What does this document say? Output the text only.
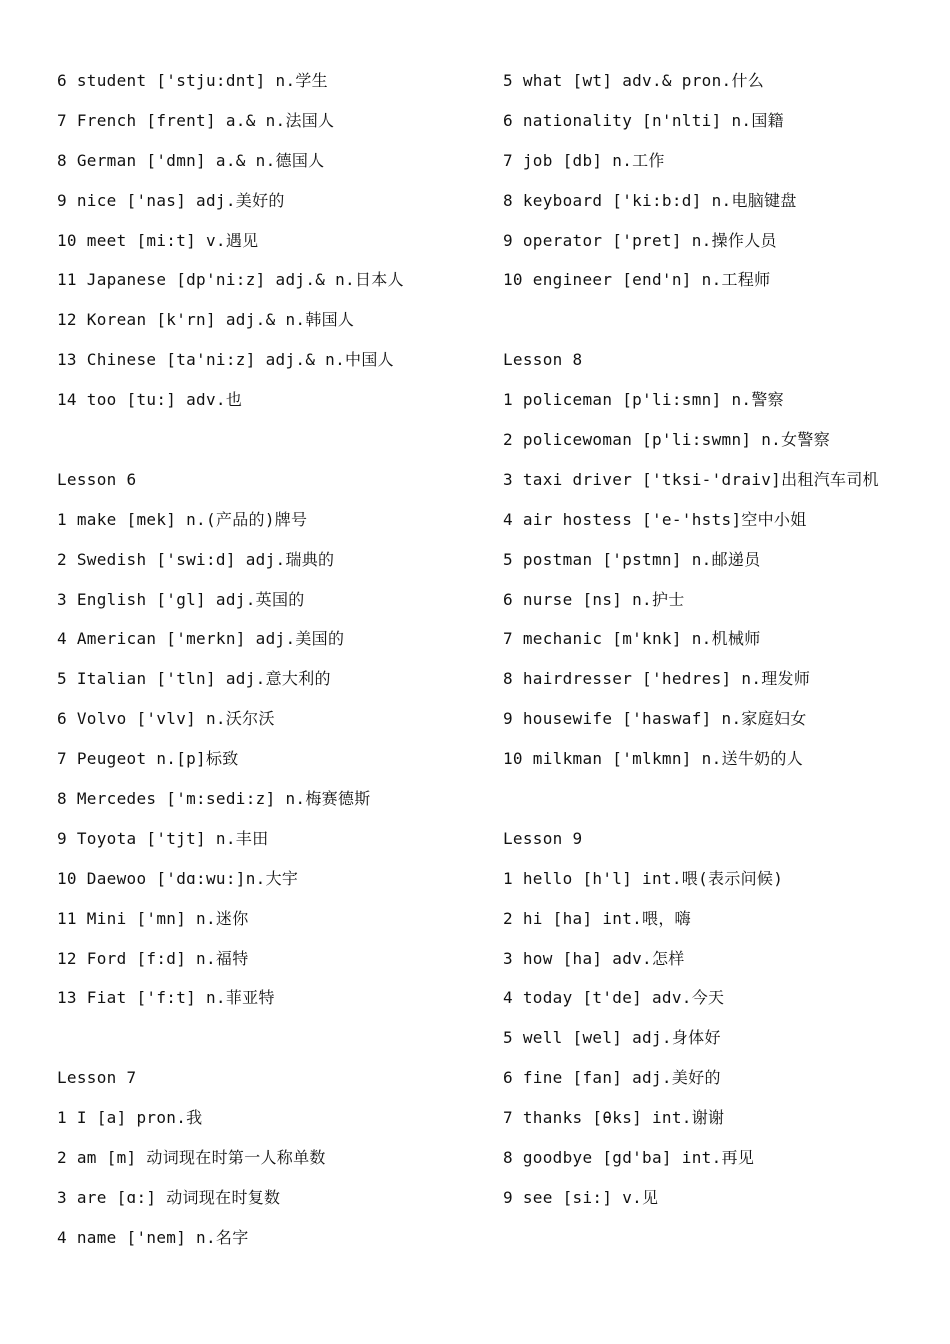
6 student ['stju:dnt] n.学生
7 French [frent] a.& n.法国人
8 German ['dmn] a.& n.德国人
9 nice ['nas] adj.美好的
10 meet [mi:t] v.遇见
11 Japanese [dp'ni:z] adj.& n.日本人
12 Korean [k'rn] adj.& n.韩国人
13 Chinese [ta'ni:z] adj.& n.中国人
14 too [tu:] adv.也
Lesson 6
1 make [mek] n.(产品的)牌号
2 Swedish ['swi:d] adj.瑞典的
3 English ['gl] adj.英国的
4 American ['merkn] adj.美国的
5 Italian ['tln] adj.意大利的
6 Volvo ['vlv] n.沃尔沃
7 Peugeot n.[p]标致
8 Mercedes ['m:sedi:z] n.梅赛德斯
9 Toyota ['tjt] n.丰田
10 Daewoo ['dɑ:wu:]n.大宇
11 Mini ['mn] n.迷你
12 Ford [f:d] n.福特
13 Fiat ['f:t] n.菲亚特
Lesson 7
1 I [a] pron.我
2 am [m] 动词现在时第一人称单数
3 are [ɑ:] 动词现在时复数
4 name ['nem] n.名字
5 what [wt] adv.& pron.什么
6 nationality [n'nlti] n.国籍
7 job [db] n.工作
8 keyboard ['ki:b:d] n.电脑键盘
9 operator ['pret] n.操作人员
10 engineer [end'n] n.工程师
Lesson 8
1 policeman [p'li:smn] n.警察
2 policewoman [p'li:swmn] n.女警察
3 taxi driver ['tksi-'draiv]出租汽车司机
4 air hostess ['e-'hsts]空中小姐
5 postman ['pstmn] n.邮递员
6 nurse [ns] n.护士
7 mechanic [m'knk] n.机械师
8 hairdresser ['hedres] n.理发师
9 housewife ['haswaf] n.家庭妇女
10 milkman ['mlkmn] n.送牛奶的人
Lesson 9
1 hello [h'l] int.喂(表示问候)
2 hi [ha] int.喂，嗨
3 how [ha] adv.怎样
4 today [t'de] adv.今天
5 well [wel] adj.身体好
6 fine [fan] adj.美好的
7 thanks [θks] int.谢谢
8 goodbye [gd'ba] int.再见
9 see [si:] v.见
